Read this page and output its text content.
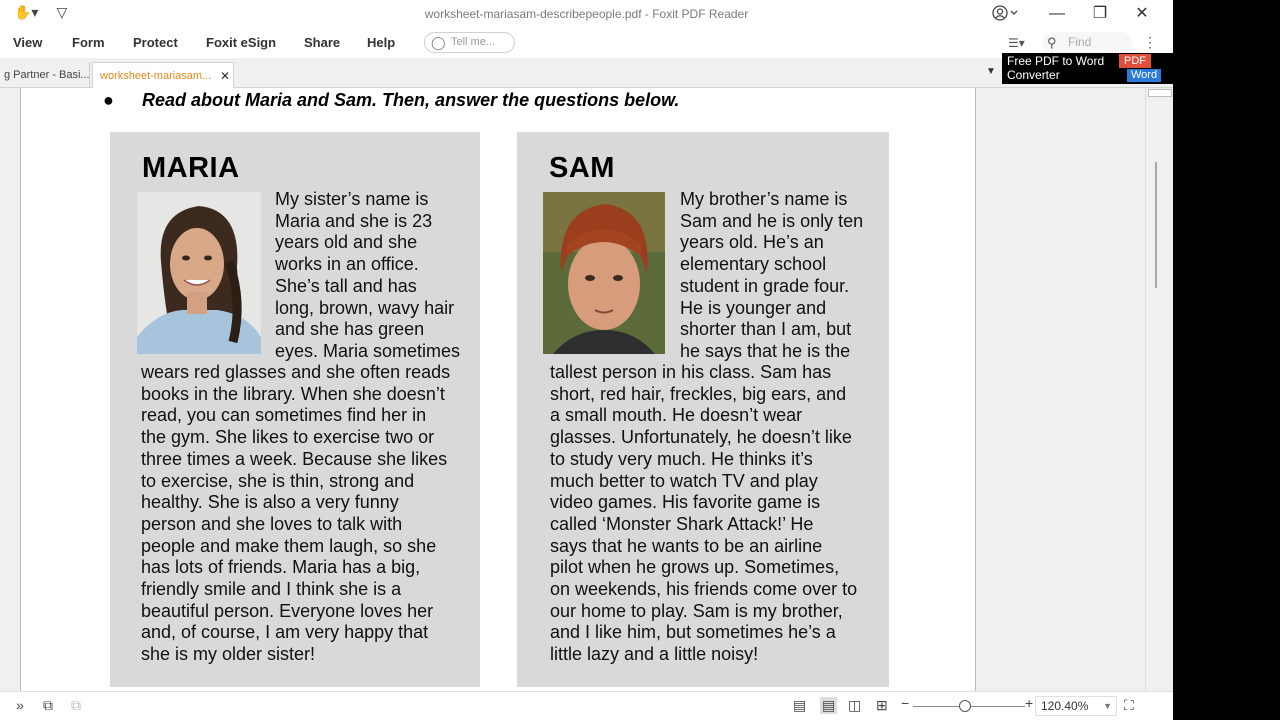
✋▾ ▽	worksheet-mariasam-describepeople.pdf - Foxit PDF Reader	—	❐	✕
View Form Protect Foxit eSign Share Help	◯ Tell me...	☰▾ ⚲ Find	⋮
g Partner - Basi... worksheet-mariasam... ✕	▼
Free PDF to Word
Converter
PDF
Word
● Read about Maria and Sam. Then, answer the questions below.
MARIA
My sister’s name is
Maria and she is 23
years old and she
works in an office.
She’s tall and has
long, brown, wavy hair
and she has green
eyes. Maria sometimes
wears red glasses and she often reads
books in the library. When she doesn’t
read, you can sometimes find her in
the gym. She likes to exercise two or
three times a week. Because she likes
to exercise, she is thin, strong and
healthy. She is also a very funny
person and she loves to talk with
people and make them laugh, so she
has lots of friends. Maria has a big,
friendly smile and I think she is a
beautiful person. Everyone loves her
and, of course, I am very happy that
she is my older sister!
SAM
My brother’s name is
Sam and he is only ten
years old. He’s an
elementary school
student in grade four.
He is younger and
shorter than I am, but
he says that he is the
tallest person in his class. Sam has
short, red hair, freckles, big ears, and
a small mouth. He doesn’t wear
glasses. Unfortunately, he doesn’t like
to study very much. He thinks it’s
much better to watch TV and play
video games. His favorite game is
called ‘Monster Shark Attack!’ He
says that he wants to be an airline
pilot when he grows up. Sometimes,
on weekends, his friends come over to
our home to play. Sam is my brother,
and I like him, but sometimes he’s a
little lazy and a little noisy!
» ⧉ ⧉	▤ ▤ ◫ ⊞ −	+ 120.40% ▼ ⛶
